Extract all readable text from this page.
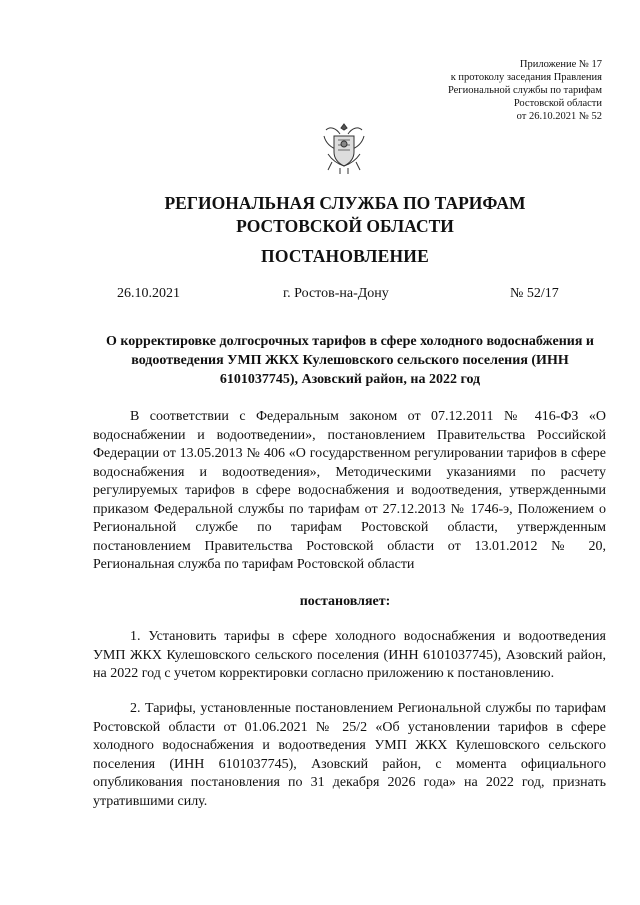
Приложение № 17
к протоколу заседания Правления
Региональной службы по тарифам
Ростовской области
от 26.10.2021 № 52
РЕГИОНАЛЬНАЯ СЛУЖБА ПО ТАРИФАМ
РОСТОВСКОЙ ОБЛАСТИ
ПОСТАНОВЛЕНИЕ
26.10.2021	г. Ростов-на-Дону	№ 52/17
О корректировке долгосрочных тарифов в сфере холодного водоснабжения и водоотведения УМП ЖКХ Кулешовского сельского поселения (ИНН 6101037745), Азовский район, на 2022 год
В соответствии с Федеральным законом от 07.12.2011 № 416-ФЗ «О водоснабжении и водоотведении», постановлением Правительства Российской Федерации от 13.05.2013 № 406 «О государственном регулировании тарифов в сфере водоснабжения и водоотведения», Методическими указаниями по расчету регулируемых тарифов в сфере водоснабжения и водоотведения, утвержденными приказом Федеральной службы по тарифам от 27.12.2013 № 1746-э, Положением о Региональной службе по тарифам Ростовской области, утвержденным постановлением Правительства Ростовской области от 13.01.2012 № 20, Региональная служба по тарифам Ростовской области
постановляет:
1. Установить тарифы в сфере холодного водоснабжения и водоотведения УМП ЖКХ Кулешовского сельского поселения (ИНН 6101037745), Азовский район, на 2022 год с учетом корректировки согласно приложению к постановлению.
2. Тарифы, установленные постановлением Региональной службы по тарифам Ростовской области от 01.06.2021 № 25/2 «Об установлении тарифов в сфере холодного водоснабжения и водоотведения УМП ЖКХ Кулешовского сельского поселения (ИНН 6101037745), Азовский район, с момента официального опубликования постановления по 31 декабря 2026 года» на 2022 год, признать утратившими силу.
